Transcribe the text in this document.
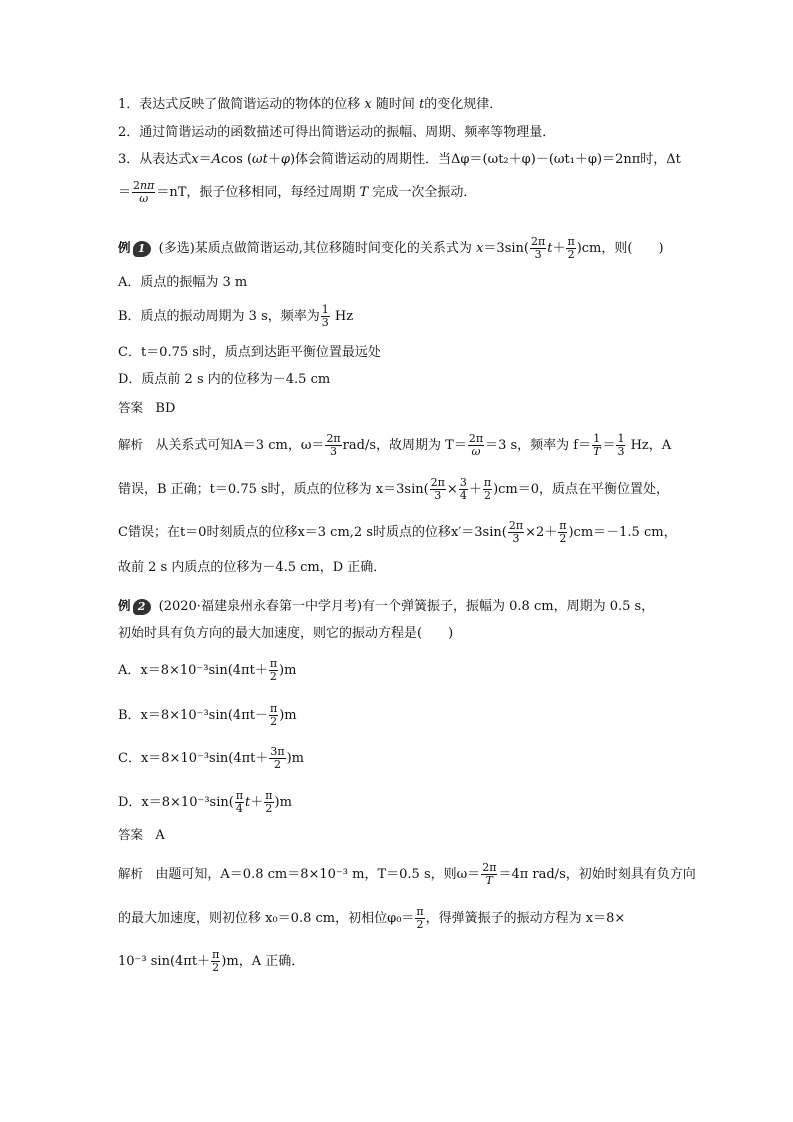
1．表达式反映了做简谐运动的物体的位移 x 随时间 t的变化规律．
2．通过简谐运动的函数描述可得出简谐运动的振幅、周期、频率等物理量．
3．从表达式x＝Acos (ωt＋φ)体会简谐运动的周期性．当Δφ＝(ωt₂＋φ)－(ωt₁＋φ)＝2nπ时，Δt
＝ $\frac{2n\pi}{\omega} =nT$，振子位移相同，每经过周期 T 完成一次全振动．
例 1 (多选)某质点做简谐运动,其位移随时间变化的关系式为 $x=3\sin( \frac{2\pi}{3} t+ \frac{\pi}{2} )cm$，则(　　)
A．质点的振幅为 3 m
B．质点的振动周期为 3 s，频率为 $\frac{1}{3}$ Hz
C．t＝0.75 s时，质点到达距平衡位置最远处
D．质点前 2 s 内的位移为－4.5 cm
答案 BD
解析 从关系式可知A＝3 cm，$\omega= \frac{2\pi}{3} rad/s$，故周期为 $T= \frac{2\pi}{\omega} =3$ s，频率为 $f= \frac{1}{T} = \frac{1}{3}$ Hz，A
错误，B 正确；t＝0.75 s时，质点的位移为 $x=3\sin( \frac{2\pi}{3} \times \frac{3}{4} + \frac{\pi}{2} )cm=0$，质点在平衡位置处，
C错误；在t＝0时刻质点的位移x＝3 cm,2 s时质点的位移$x'=3\sin( \frac{2\pi}{3} \times 2+ \frac{\pi}{2} )cm=-1.5$ cm，
故前 2 s 内质点的位移为－4.5 cm，D 正确．
例 2 (2020·福建泉州永春第一中学月考)有一个弹簧振子，振幅为 0.8 cm，周期为 0.5 s，
初始时具有负方向的最大加速度，则它的振动方程是(　　)
A．$x=8\times 10^{-3}\sin(4\pi t+ \frac{\pi}{2} )m$
B．$x=8\times 10^{-3}\sin(4\pi t- \frac{\pi}{2} )m$
C．$x=8\times 10^{-3}\sin(4\pi t+ \frac{3\pi}{2} )m$
D．$x=8\times 10^{-3}\sin( \frac{\pi}{4} t+ \frac{\pi}{2} )m$
答案 A
解析 由题可知，A＝0.8 cm＝8×10⁻³ m，T＝0.5 s，则$\omega= \frac{2\pi}{T} =4\pi$ rad/s，初始时刻具有负方向
的最大加速度，则初位移 x₀＝0.8 cm，初相位$\varphi_0= \frac{\pi}{2}$ ，得弹簧振子的振动方程为 x＝8×
10⁻³ $\sin(4\pi t+ \frac{\pi}{2} )m$，A 正确．
